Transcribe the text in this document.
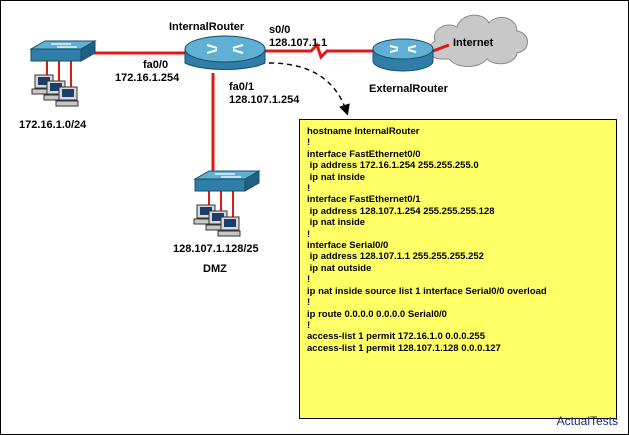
InternalRouter s0/0
128.107.1.1
fa0/0
172.16.1.254
fa0/1
128.107.1.254
Internet
ExternalRouter
172.16.1.0/24
128.107.1.128/25
DMZ
hostname InternalRouter
!
interface FastEthernet0/0
ip address 172.16.1.254 255.255.255.0
ip nat inside
!
interface FastEthernet0/1
ip address 128.107.1.254 255.255.255.128
ip nat inside
!
interface Serial0/0
ip address 128.107.1.1 255.255.255.252
ip nat outside
!
ip nat inside source list 1 interface Serial0/0 overload
!
ip route 0.0.0.0 0.0.0.0 Serial0/0
!
access-list 1 permit 172.16.1.0 0.0.0.255
access-list 1 permit 128.107.1.128 0.0.0.127
ActualTests
